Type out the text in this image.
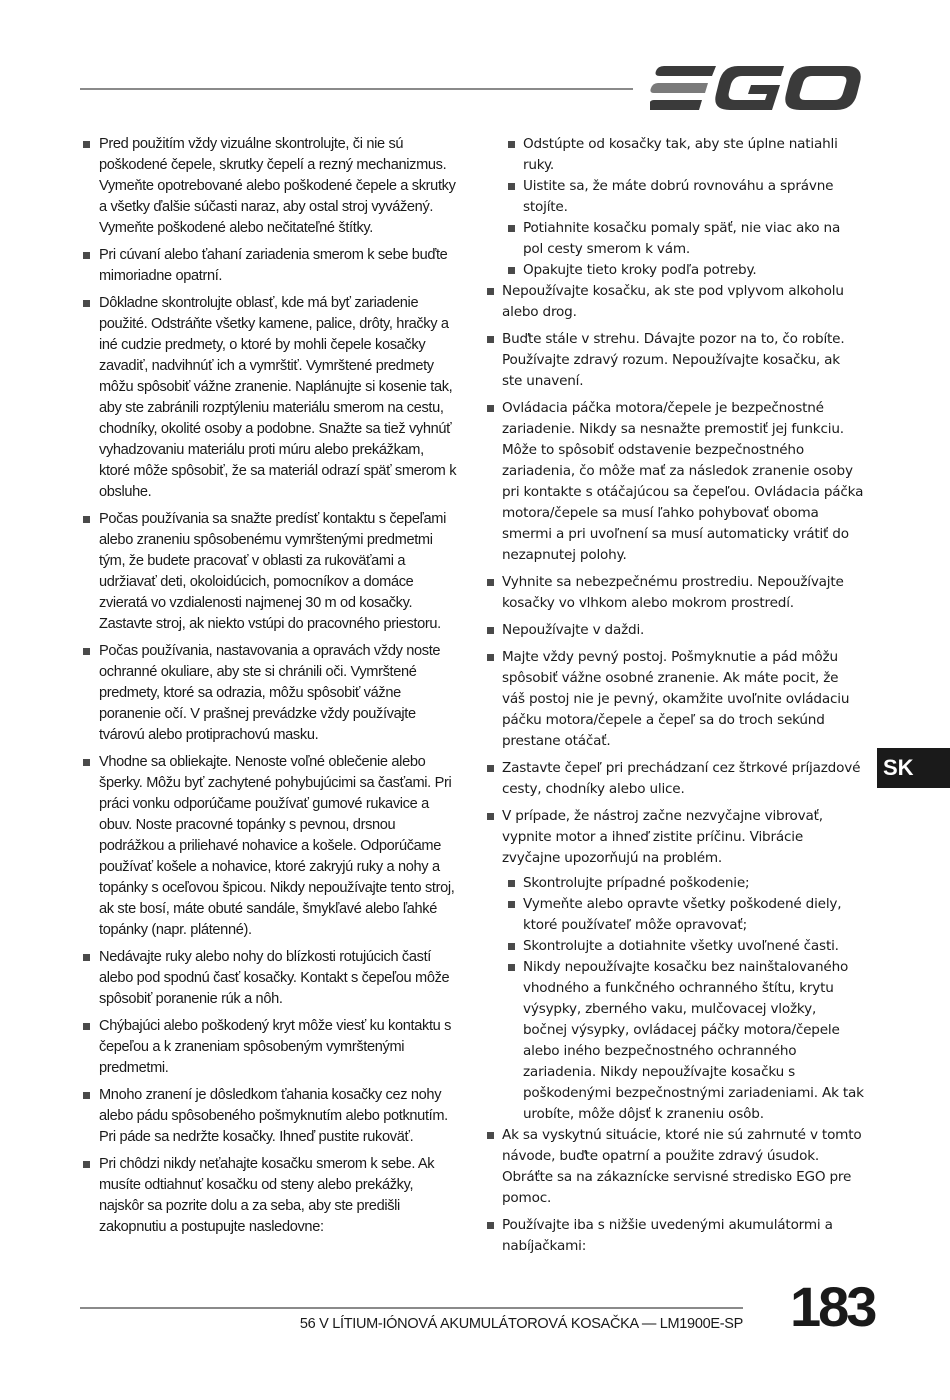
Pred použitím vždy vizuálne skontrolujte, či nie sú poškodené čepele, skrutky čepelí a rezný mechanizmus. Vymeňte opotrebované alebo poškodené čepele a skrutky a všetky ďalšie súčasti naraz, aby ostal stroj vyvážený. Vymeňte poškodené alebo nečitateľné štítky.
Pri cúvaní alebo ťahaní zariadenia smerom k sebe buďte mimoriadne opatrní.
Dôkladne skontrolujte oblasť, kde má byť zariadenie použité. Odstráňte všetky kamene, palice, drôty, hračky a iné cudzie predmety, o ktoré by mohli čepele kosačky zavadiť, nadvihnúť ich a vymrštiť. Vymrštené predmety môžu spôsobiť vážne zranenie. Naplánujte si kosenie tak, aby ste zabránili rozptýleniu materiálu smerom na cestu, chodníky, okolité osoby a podobne. Snažte sa tiež vyhnúť vyhadzovaniu materiálu proti múru alebo prekážkam, ktoré môže spôsobiť, že sa materiál odrazí späť smerom k obsluhe.
Počas používania sa snažte predísť kontaktu s čepeľami alebo zraneniu spôsobenému vymrštenými predmetmi tým, že budete pracovať v oblasti za rukoväťami a udržiavať deti, okoloidúcich, pomocníkov a domáce zvieratá vo vzdialenosti najmenej 30 m od kosačky. Zastavte stroj, ak niekto vstúpi do pracovného priestoru.
Počas používania, nastavovania a opravách vždy noste ochranné okuliare, aby ste si chránili oči. Vymrštené predmety, ktoré sa odrazia, môžu spôsobiť vážne poranenie očí. V prašnej prevádzke vždy používajte tvárovú alebo protiprachovú masku.
Vhodne sa obliekajte. Nenoste voľné oblečenie alebo šperky. Môžu byť zachytené pohybujúcimi sa časťami. Pri práci vonku odporúčame používať gumové rukavice a obuv. Noste pracovné topánky s pevnou, drsnou podrážkou a priliehavé nohavice a košele. Odporúčame používať košele a nohavice, ktoré zakryjú ruky a nohy a topánky s oceľovou špicou. Nikdy nepoužívajte tento stroj, ak ste bosí, máte obuté sandále, šmykľavé alebo ľahké topánky (napr. plátenné).
Nedávajte ruky alebo nohy do blízkosti rotujúcich častí alebo pod spodnú časť kosačky. Kontakt s čepeľou môže spôsobiť poranenie rúk a nôh.
Chýbajúci alebo poškodený kryt môže viesť ku kontaktu s čepeľou a k zraneniam spôsobeným vymrštenými predmetmi.
Mnoho zranení je dôsledkom ťahania kosačky cez nohy alebo pádu spôsobeného pošmyknutím alebo potknutím. Pri páde sa nedržte kosačky. Ihneď pustite rukoväť.
Pri chôdzi nikdy neťahajte kosačku smerom k sebe. Ak musíte odtiahnuť kosačku od steny alebo prekážky, najskôr sa pozrite dolu a za seba, aby ste predišli zakopnutiu a postupujte nasledovne:
Odstúpte od kosačky tak, aby ste úplne natiahli ruky.
Uistite sa, že máte dobrú rovnováhu a správne stojíte.
Potiahnite kosačku pomaly späť, nie viac ako na pol cesty smerom k vám.
Opakujte tieto kroky podľa potreby.
Nepoužívajte kosačku, ak ste pod vplyvom alkoholu alebo drog.
Buďte stále v strehu. Dávajte pozor na to, čo robíte. Používajte zdravý rozum. Nepoužívajte kosačku, ak ste unavení.
Ovládacia páčka motora/čepele je bezpečnostné zariadenie. Nikdy sa nesnažte premostiť jej funkciu. Môže to spôsobiť odstavenie bezpečnostného zariadenia, čo môže mať za následok zranenie osoby pri kontakte s otáčajúcou sa čepeľou. Ovládacia páčka motora/čepele sa musí ľahko pohybovať oboma smermi a pri uvoľnení sa musí automaticky vrátiť do nezapnutej polohy.
Vyhnite sa nebezpečnému prostrediu. Nepoužívajte kosačky vo vlhkom alebo mokrom prostredí.
Nepoužívajte v daždi.
Majte vždy pevný postoj. Pošmyknutie a pád môžu spôsobiť vážne osobné zranenie. Ak máte pocit, že váš postoj nie je pevný, okamžite uvoľnite ovládaciu páčku motora/čepele a čepeľ sa do troch sekúnd prestane otáčať.
Zastavte čepeľ pri prechádzaní cez štrkové príjazdové cesty, chodníky alebo ulice.
V prípade, že nástroj začne nezvyčajne vibrovať, vypnite motor a ihneď zistite príčinu. Vibrácie zvyčajne upozorňujú na problém.
Skontrolujte prípadné poškodenie;
Vymeňte alebo opravte všetky poškodené diely, ktoré používateľ môže opravovať;
Skontrolujte a dotiahnite všetky uvoľnené časti.
Nikdy nepoužívajte kosačku bez nainštalovaného vhodného a funkčného ochranného štítu, krytu výsypky, zberného vaku, mulčovacej vložky, bočnej výsypky, ovládacej páčky motora/čepele alebo iného bezpečnostného ochranného zariadenia. Nikdy nepoužívajte kosačku s poškodenými bezpečnostnými zariadeniami. Ak tak urobíte, môže dôjsť k zraneniu osôb.
Ak sa vyskytnú situácie, ktoré nie sú zahrnuté v tomto návode, buďte opatrní a použite zdravý úsudok. Obráťte sa na zákaznícke servisné stredisko EGO pre pomoc.
Používajte iba s nižšie uvedenými akumulátormi a nabíjačkami:
SK
56 V LÍTIUM-IÓNOVÁ AKUMULÁTOROVÁ KOSAČKA — LM1900E-SP 183
